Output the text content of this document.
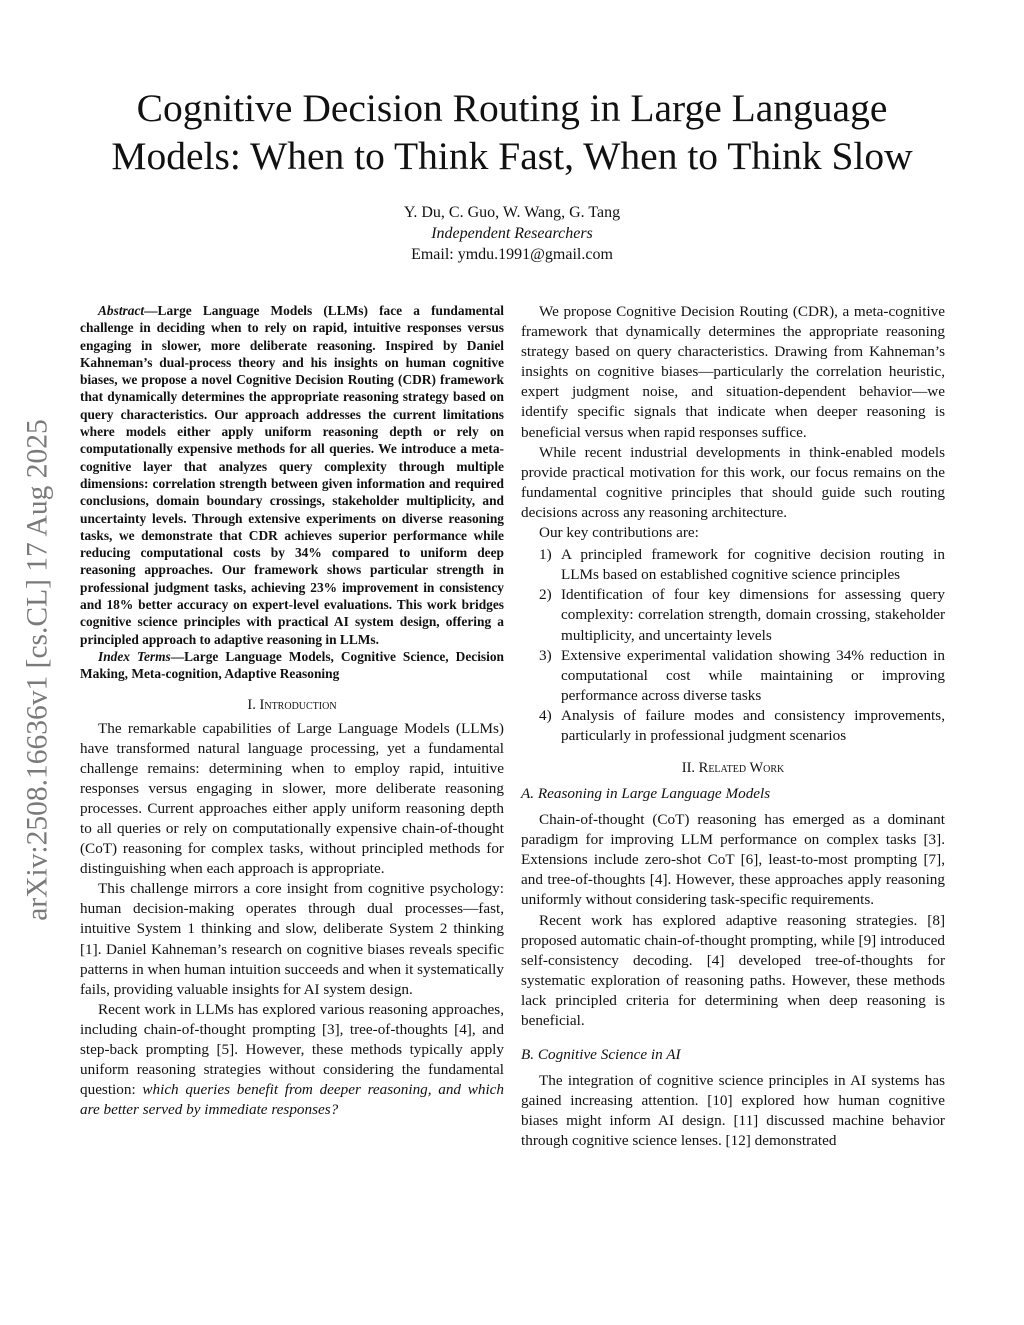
arXiv:2508.16636v1 [cs.CL] 17 Aug 2025
Cognitive Decision Routing in Large Language
Models: When to Think Fast, When to Think Slow
Y. Du, C. Guo, W. Wang, G. Tang
Independent Researchers
Email: ymdu.1991@gmail.com

Abstract—Large Language Models (LLMs) face a fundamental challenge in deciding when to rely on rapid, intuitive responses versus engaging in slower, more deliberate reasoning. Inspired by Daniel Kahneman’s dual-process theory and his insights on human cognitive biases, we propose a novel Cognitive Decision Routing (CDR) framework that dynamically determines the appropriate reasoning strategy based on query characteristics. Our approach addresses the current limitations where models either apply uniform reasoning depth or rely on computationally expensive methods for all queries. We introduce a meta-cognitive layer that analyzes query complexity through multiple dimensions: correlation strength between given information and required conclusions, domain boundary crossings, stakeholder multiplicity, and uncertainty levels. Through extensive experiments on diverse reasoning tasks, we demonstrate that CDR achieves superior performance while reducing computational costs by 34% compared to uniform deep reasoning approaches. Our framework shows particular strength in professional judgment tasks, achieving 23% improvement in consistency and 18% better accuracy on expert-level evaluations. This work bridges cognitive science principles with practical AI system design, offering a principled approach to adaptive reasoning in LLMs.

Index Terms—Large Language Models, Cognitive Science, Decision Making, Meta-cognition, Adaptive Reasoning

I. Introduction

The remarkable capabilities of Large Language Models (LLMs) have transformed natural language processing, yet a fundamental challenge remains: determining when to employ rapid, intuitive responses versus engaging in slower, more deliberate reasoning processes. Current approaches either apply uniform reasoning depth to all queries or rely on computationally expensive chain-of-thought (CoT) reasoning for complex tasks, without principled methods for distinguishing when each approach is appropriate.

This challenge mirrors a core insight from cognitive psychology: human decision-making operates through dual processes—fast, intuitive System 1 thinking and slow, deliberate System 2 thinking [1]. Daniel Kahneman’s research on cognitive biases reveals specific patterns in when human intuition succeeds and when it systematically fails, providing valuable insights for AI system design.

Recent work in LLMs has explored various reasoning approaches, including chain-of-thought prompting [3], tree-of-thoughts [4], and step-back prompting [5]. However, these methods typically apply uniform reasoning strategies without considering the fundamental question: which queries benefit from deeper reasoning, and which are better served by immediate responses?

We propose Cognitive Decision Routing (CDR), a meta-cognitive framework that dynamically determines the appropriate reasoning strategy based on query characteristics. Drawing from Kahneman’s insights on cognitive biases—particularly the correlation heuristic, expert judgment noise, and situation-dependent behavior—we identify specific signals that indicate when deeper reasoning is beneficial versus when rapid responses suffice.

While recent industrial developments in think-enabled models provide practical motivation for this work, our focus remains on the fundamental cognitive principles that should guide such routing decisions across any reasoning architecture.

Our key contributions are:

1) A principled framework for cognitive decision routing in LLMs based on established cognitive science principles
2) Identification of four key dimensions for assessing query complexity: correlation strength, domain crossing, stakeholder multiplicity, and uncertainty levels
3) Extensive experimental validation showing 34% reduction in computational cost while maintaining or improving performance across diverse tasks
4) Analysis of failure modes and consistency improvements, particularly in professional judgment scenarios
II. Related Work
A. Reasoning in Large Language Models

Chain-of-thought (CoT) reasoning has emerged as a dominant paradigm for improving LLM performance on complex tasks [3]. Extensions include zero-shot CoT [6], least-to-most prompting [7], and tree-of-thoughts [4]. However, these approaches apply reasoning uniformly without considering task-specific requirements.

Recent work has explored adaptive reasoning strategies. [8] proposed automatic chain-of-thought prompting, while [9] introduced self-consistency decoding. [4] developed tree-of-thoughts for systematic exploration of reasoning paths. However, these methods lack principled criteria for determining when deep reasoning is beneficial.

B. Cognitive Science in AI

The integration of cognitive science principles in AI systems has gained increasing attention. [10] explored how human cognitive biases might inform AI design. [11] discussed machine behavior through cognitive science lenses. [12] demonstrated
